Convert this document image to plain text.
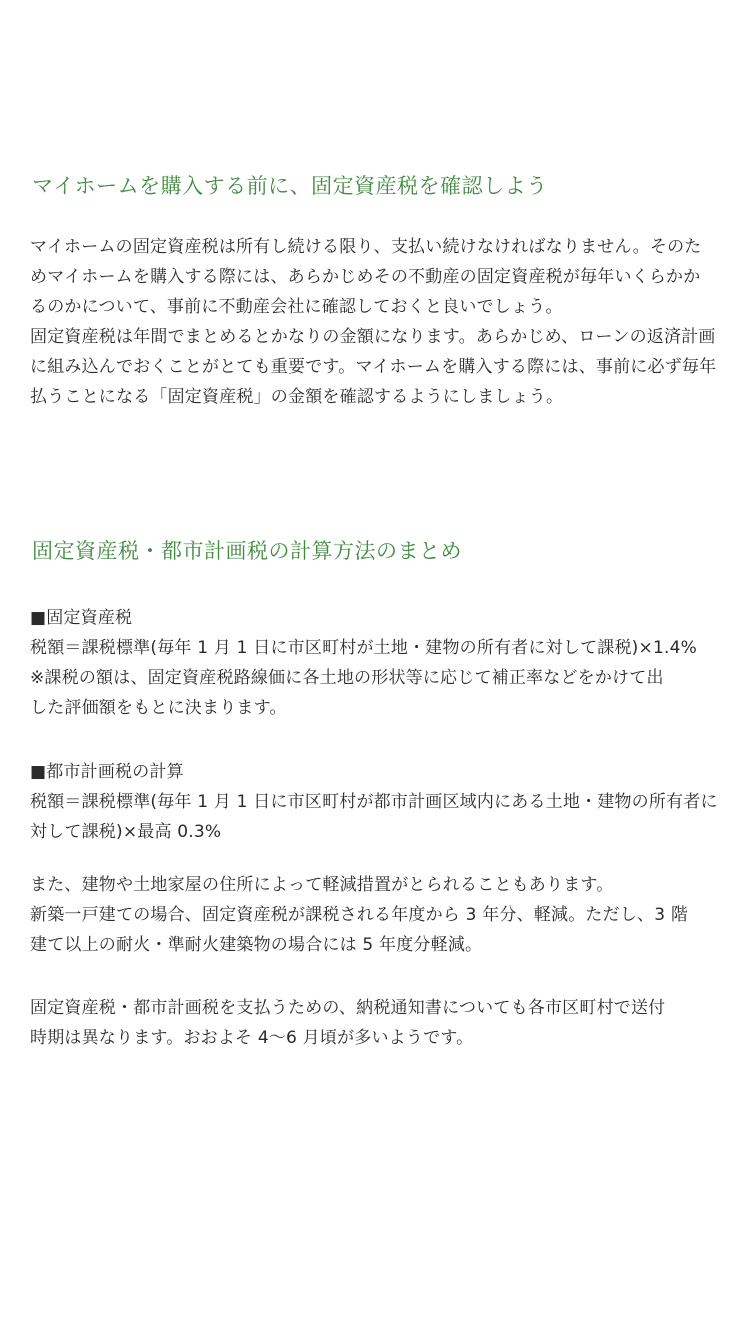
マイホームを購入する前に、固定資産税を確認しよう
マイホームの固定資産税は所有し続ける限り、支払い続けなければなりません。そのた
めマイホームを購入する際には、あらかじめその不動産の固定資産税が毎年いくらかか
るのかについて、事前に不動産会社に確認しておくと良いでしょう。
固定資産税は年間でまとめるとかなりの金額になります。あらかじめ、ローンの返済計画
に組み込んでおくことがとても重要です。マイホームを購入する際には、事前に必ず毎年
払うことになる「固定資産税」の金額を確認するようにしましょう。
固定資産税・都市計画税の計算方法のまとめ
■固定資産税
税額＝課税標準(毎年 1 月 1 日に市区町村が土地・建物の所有者に対して課税)×1.4%
※課税の額は、固定資産税路線価に各土地の形状等に応じて補正率などをかけて出
した評価額をもとに決まります。
■都市計画税の計算
税額＝課税標準(毎年 1 月 1 日に市区町村が都市計画区域内にある土地・建物の所有者に
対して課税)×最高 0.3%
また、建物や土地家屋の住所によって軽減措置がとられることもあります。
新築一戸建ての場合、固定資産税が課税される年度から 3 年分、軽減。ただし、3 階
建て以上の耐火・準耐火建築物の場合には 5 年度分軽減。
固定資産税・都市計画税を支払うための、納税通知書についても各市区町村で送付
時期は異なります。おおよそ 4〜6 月頃が多いようです。
